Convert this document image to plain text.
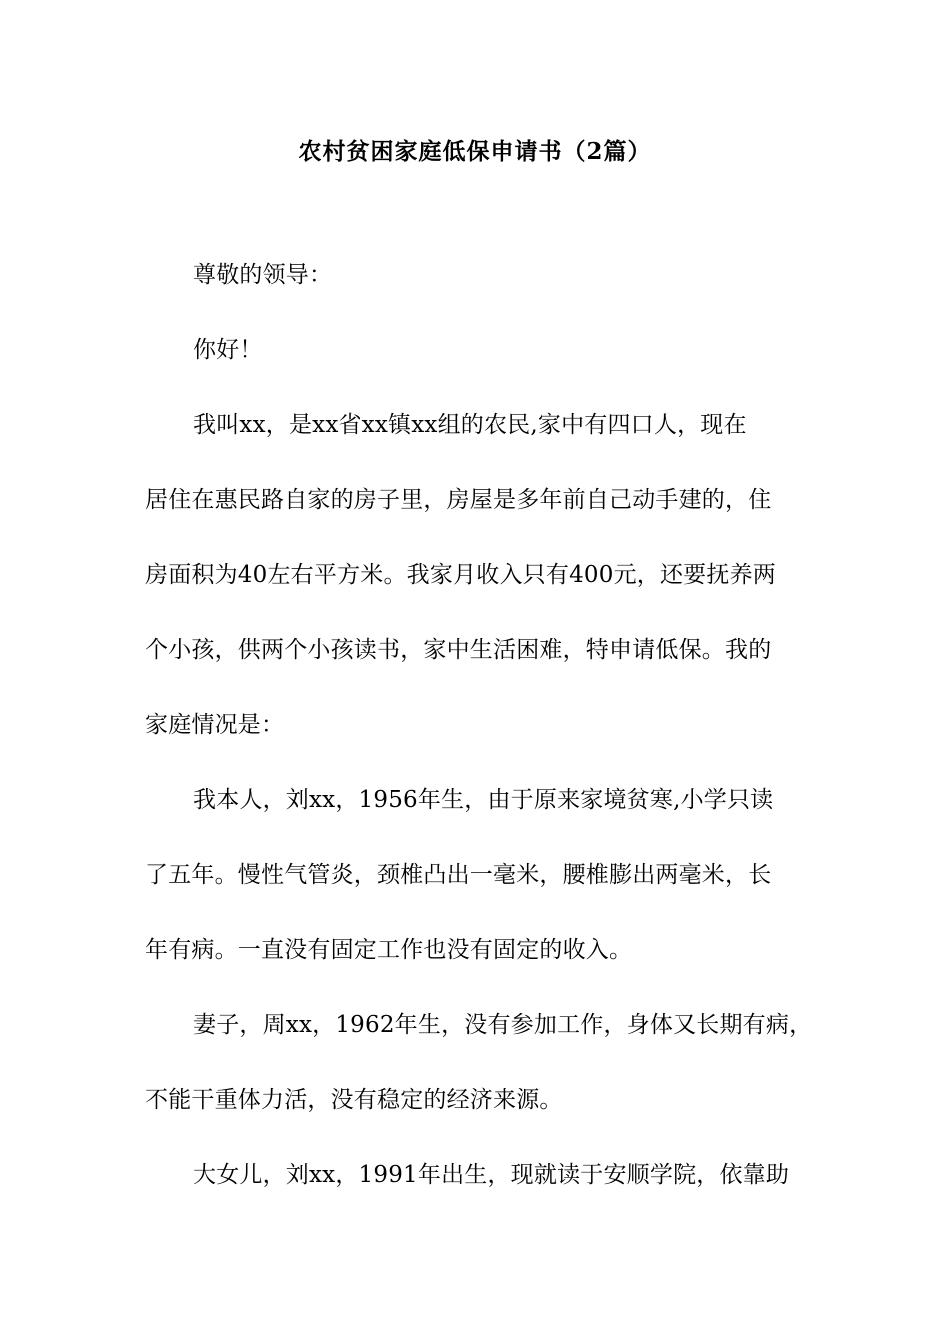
农村贫困家庭低保申请书（2篇）
尊敬的领导：
你好！
我叫xx，是xx省xx镇xx组的农民,家中有四口人，现在
居住在惠民路自家的房子里，房屋是多年前自己动手建的，住
房面积为40左右平方米。我家月收入只有400元，还要抚养两
个小孩，供两个小孩读书，家中生活困难，特申请低保。我的
家庭情况是：
我本人，刘xx，1956年生，由于原来家境贫寒,小学只读
了五年。慢性气管炎，颈椎凸出一毫米，腰椎膨出两毫米，长
年有病。一直没有固定工作也没有固定的收入。
妻子，周xx，1962年生，没有参加工作，身体又长期有病，
不能干重体力活，没有稳定的经济来源。
大女儿，刘xx，1991年出生，现就读于安顺学院，依靠助
